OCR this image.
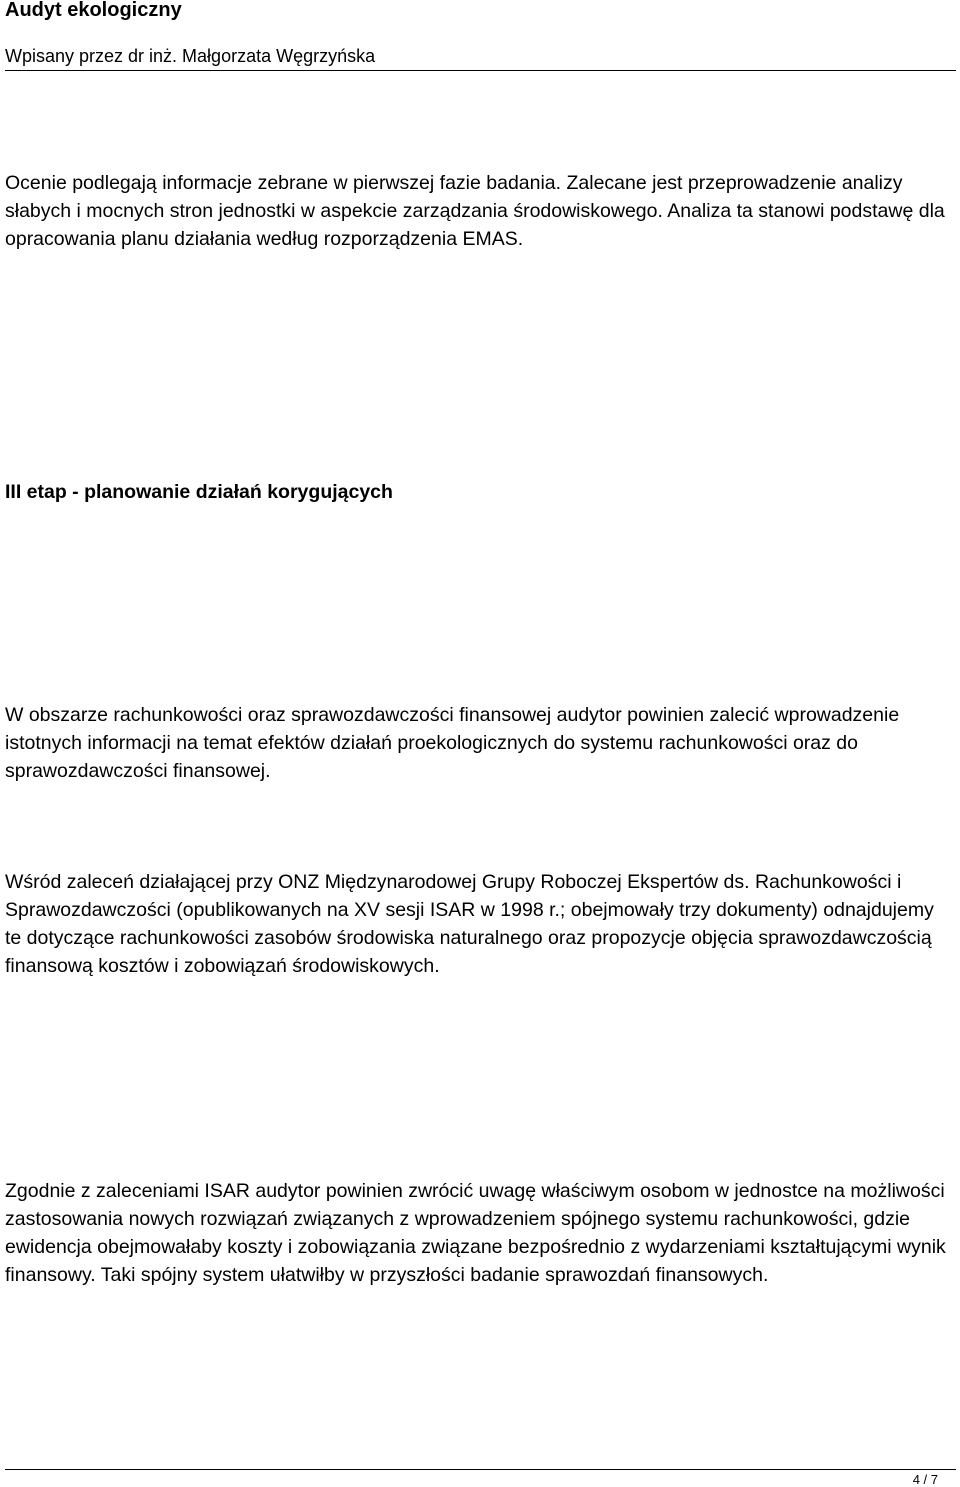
Audyt ekologiczny
Wpisany przez dr inż. Małgorzata Węgrzyńska

Ocenie podlegają informacje zebrane w pierwszej fazie badania. Zalecane jest przeprowadzenie analizy słabych i mocnych stron jednostki w aspekcie zarządzania środowiskowego. Analiza ta stanowi podstawę dla opracowania planu działania według rozporządzenia EMAS.

III etap - planowanie działań korygujących

W obszarze rachunkowości oraz sprawozdawczości finansowej audytor powinien zalecić wprowadzenie istotnych informacji na temat efektów działań proekologicznych do systemu rachunkowości oraz do sprawozdawczości finansowej.

Wśród zaleceń działającej przy ONZ Międzynarodowej Grupy Roboczej Ekspertów ds. Rachunkowości i Sprawozdawczości (opublikowanych na XV sesji ISAR w 1998 r.; obejmowały trzy dokumenty) odnajdujemy te dotyczące rachunkowości zasobów środowiska naturalnego oraz propozycje objęcia sprawozdawczością finansową kosztów i zobowiązań środowiskowych.

Zgodnie z zaleceniami ISAR audytor powinien zwrócić uwagę właściwym osobom w jednostce na możliwości zastosowania nowych rozwiązań związanych z wprowadzeniem spójnego systemu rachunkowości, gdzie ewidencja obejmowałaby koszty i zobowiązania związane bezpośrednio z wydarzeniami kształtującymi wynik finansowy. Taki spójny system ułatwiłby w przyszłości badanie sprawozdań finansowych.

4 / 7
